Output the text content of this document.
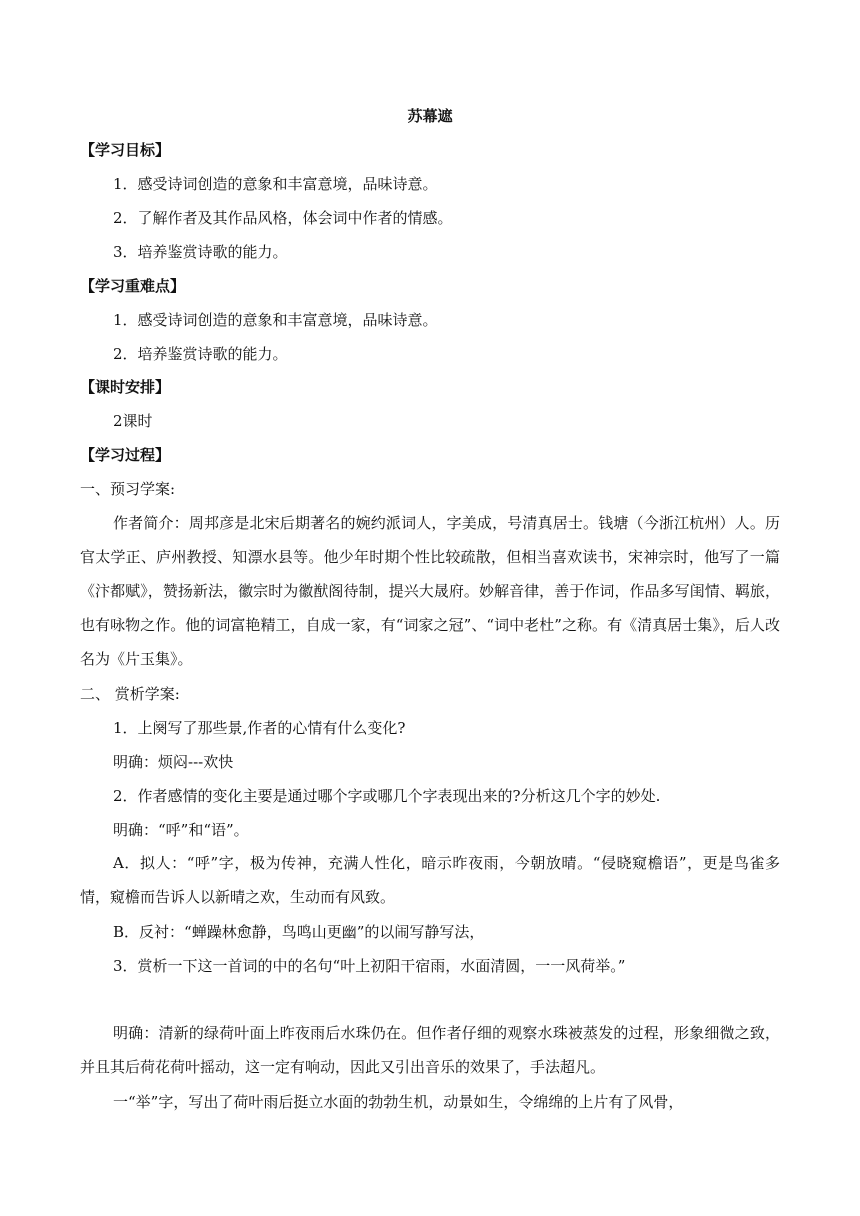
苏幕遮
【学习目标】
1．感受诗词创造的意象和丰富意境，品味诗意。
2．了解作者及其作品风格，体会词中作者的情感。
3．培养鉴赏诗歌的能力。
【学习重难点】
1．感受诗词创造的意象和丰富意境，品味诗意。
2．培养鉴赏诗歌的能力。
【课时安排】
2课时
【学习过程】
一、预习学案:
作者简介：周邦彦是北宋后期著名的婉约派词人，字美成，号清真居士。钱塘（今浙江杭州）人。历官太学正、庐州教授、知漂水县等。他少年时期个性比较疏散，但相当喜欢读书，宋神宗时，他写了一篇《汴都赋》，赞扬新法，徽宗时为徽猷阁待制，提兴大晟府。妙解音律，善于作词，作品多写闺情、羁旅，也有咏物之作。他的词富艳精工，自成一家，有“词家之冠”、“词中老杜”之称。有《清真居士集》，后人改名为《片玉集》。
二、 赏析学案:
1．上阕写了那些景,作者的心情有什么变化?
明确：烦闷---欢快
2．作者感情的变化主要是通过哪个字或哪几个字表现出来的?分析这几个字的妙处.
明确：“呼”和“语”。
A．拟人：“呼”字，极为传神，充满人性化，暗示昨夜雨，今朝放晴。“侵晓窥檐语”，更是鸟雀多情，窥檐而告诉人以新晴之欢，生动而有风致。
B．反衬：“蝉躁林愈静，鸟鸣山更幽”的以闹写静写法，
3．赏析一下这一首词的中的名句“叶上初阳干宿雨，水面清圆，一一风荷举。”
明确：清新的绿荷叶面上昨夜雨后水珠仍在。但作者仔细的观察水珠被蒸发的过程，形象细微之致，并且其后荷花荷叶摇动，这一定有响动，因此又引出音乐的效果了，手法超凡。
一“举”字，写出了荷叶雨后挺立水面的勃勃生机，动景如生，令绵绵的上片有了风骨，
